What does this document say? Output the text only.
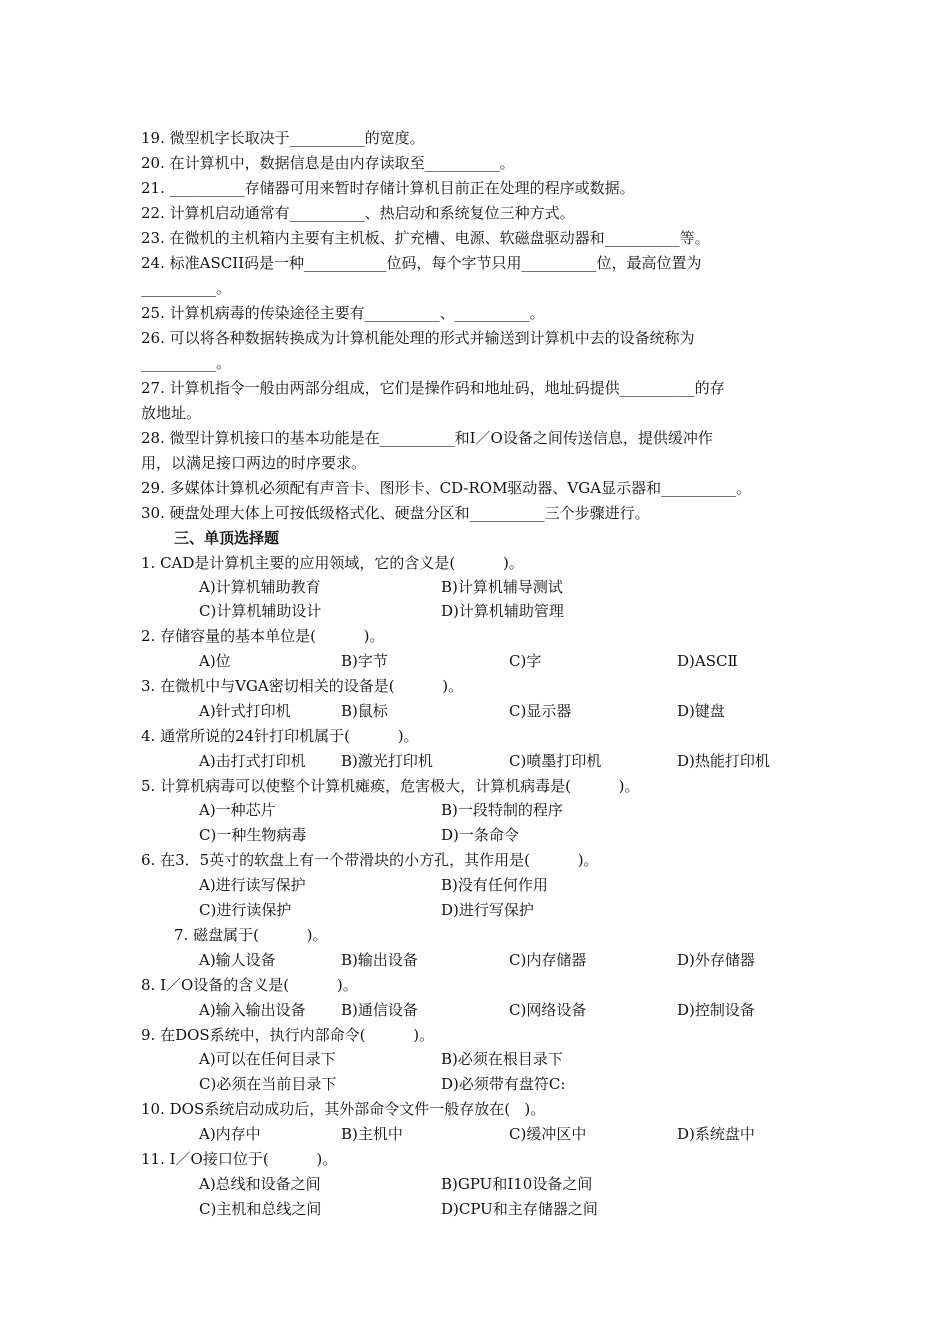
19. 微型机字长取决于__________的宽度。
20. 在计算机中，数据信息是由内存读取至__________。
21. __________存储器可用来暂时存储计算机目前正在处理的程序或数据。
22. 计算机启动通常有__________、热启动和系统复位三种方式。
23. 在微机的主机箱内主要有主机板、扩充槽、电源、软磁盘驱动器和__________等。
24. 标准ASCII码是一种___________位码，每个字节只用__________位，最高位置为
__________。
25. 计算机病毒的传染途径主要有__________、__________。
26. 可以将各种数据转换成为计算机能处理的形式并输送到计算机中去的设备统称为
__________。
27. 计算机指令一般由两部分组成，它们是操作码和地址码，地址码提供__________的存
放地址。
28. 微型计算机接口的基本功能是在__________和I／O设备之间传送信息，提供缓冲作
用，以满足接口两边的时序要求。
29. 多媒体计算机必须配有声音卡、图形卡、CD-ROM驱动器、VGA显示器和__________。
30. 硬盘处理大体上可按低级格式化、硬盘分区和__________三个步骤进行。
三、单顶选择题
1. CAD是计算机主要的应用领域，它的含义是(          )。
A)计算机辅助教育	B)计算机辅导测试
C)计算机辅助设计	D)计算机辅助管理
2. 存储容量的基本单位是(          )。
A)位	B)字节	C)字	D)ASCⅡ
3. 在微机中与VGA密切相关的设备是(          )。
A)针式打印机	B)鼠标	C)显示器	D)键盘
4. 通常所说的24针打印机属于(          )。
A)击打式打印机 B)激光打印机	C)喷墨打印机	D)热能打印机
5. 计算机病毒可以使整个计算机瘫痪，危害极大，计算机病毒是(          )。
A)一种芯片	B)一段特制的程序
C)一种生物病毒	D)一条命令
6. 在3．5英寸的软盘上有一个带滑块的小方孔，其作用是(          )。
A)进行读写保护	B)没有任何作用
C)进行读保护	D)进行写保护
7. 磁盘属于(          )。
A)输人设备	B)输出设备	C)内存储器	D)外存储器
8. I／O设备的含义是(          )。
A)输入输出设备 B)通信设备	C)网络设备	D)控制设备
9. 在DOS系统中，执行内部命令(          )。
A)可以在任何目录下	B)必须在根目录下
C)必须在当前目录下	D)必须带有盘符C:
10. DOS系统启动成功后，其外部命令文件一般存放在(   )。
A)内存中	B)主机中	C)缓冲区中	D)系统盘中
11. I／O接口位于(          )。
A)总线和设备之间	B)GPU和I10设备之间
C)主机和总线之间	D)CPU和主存储器之间
